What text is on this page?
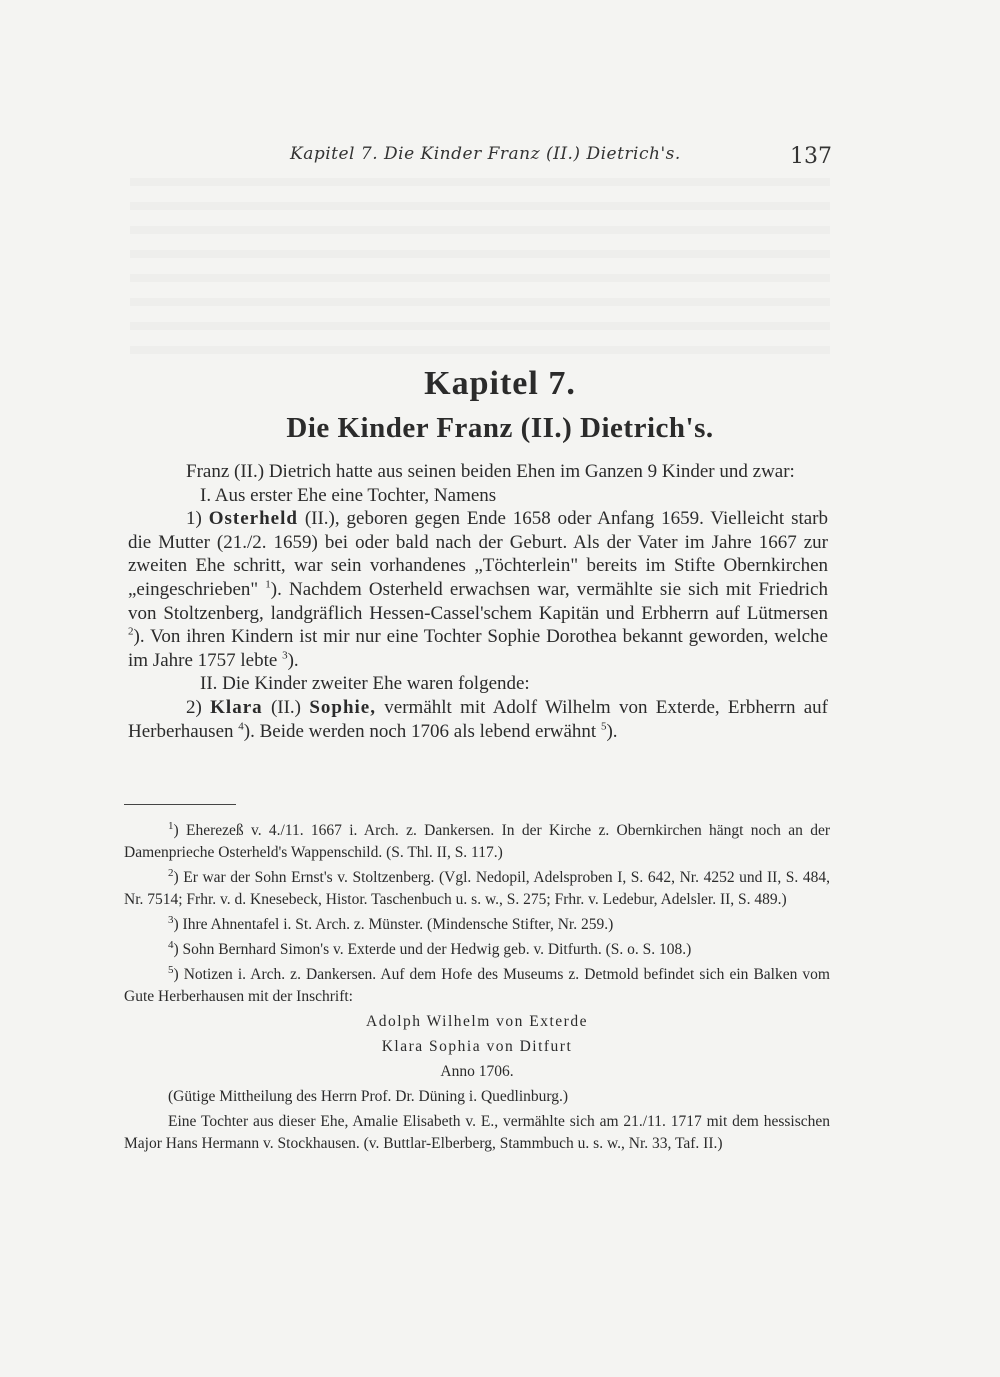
Kapitel 7. Die Kinder Franz (II.) Dietrich's.	137
Kapitel 7.
Die Kinder Franz (II.) Dietrich's.

Franz (II.) Dietrich hatte aus seinen beiden Ehen im Ganzen 9 Kinder und zwar:

I. Aus erster Ehe eine Tochter, Namens

1) Osterheld (II.), geboren gegen Ende 1658 oder Anfang 1659. Vielleicht starb die Mutter (21./2. 1659) bei oder bald nach der Geburt. Als der Vater im Jahre 1667 zur zweiten Ehe schritt, war sein vorhandenes „Töchterlein" bereits im Stifte Obernkirchen „eingeschrieben" $^1$). Nachdem Osterheld erwachsen war, vermählte sie sich mit Friedrich von Stoltzenberg, landgräflich Hessen-Cassel'schem Kapitän und Erbherrn auf Lütmersen $^2$). Von ihren Kindern ist mir nur eine Tochter Sophie Dorothea bekannt geworden, welche im Jahre 1757 lebte $^3$).

II. Die Kinder zweiter Ehe waren folgende:

2) Klara (II.) Sophie, vermählt mit Adolf Wilhelm von Exterde, Erbherrn auf Herberhausen $^4$). Beide werden noch 1706 als lebend erwähnt $^5$).

$^1$) Eherezeß v. 4./11. 1667 i. Arch. z. Dankersen. In der Kirche z. Obernkirchen hängt noch an der Damenprieche Osterheld's Wappenschild. (S. Thl. II, S. 117.)

$^2$) Er war der Sohn Ernst's v. Stoltzenberg. (Vgl. Nedopil, Adelsproben I, S. 642, Nr. 4252 und II, S. 484, Nr. 7514; Frhr. v. d. Knesebeck, Histor. Taschenbuch u. s. w., S. 275; Frhr. v. Ledebur, Adelsler. II, S. 489.)

$^3$) Ihre Ahnentafel i. St. Arch. z. Münster. (Mindensche Stifter, Nr. 259.)

$^4$) Sohn Bernhard Simon's v. Exterde und der Hedwig geb. v. Ditfurth. (S. o. S. 108.)

$^5$) Notizen i. Arch. z. Dankersen. Auf dem Hofe des Museums z. Detmold befindet sich ein Balken vom Gute Herberhausen mit der Inschrift:

Adolph Wilhelm von Exterde

Klara Sophia von Ditfurt

Anno 1706.

(Gütige Mittheilung des Herrn Prof. Dr. Düning i. Quedlinburg.)

Eine Tochter aus dieser Ehe, Amalie Elisabeth v. E., vermählte sich am 21./11. 1717 mit dem hessischen Major Hans Hermann v. Stockhausen. (v. Buttlar-Elberberg, Stammbuch u. s. w., Nr. 33, Taf. II.)
